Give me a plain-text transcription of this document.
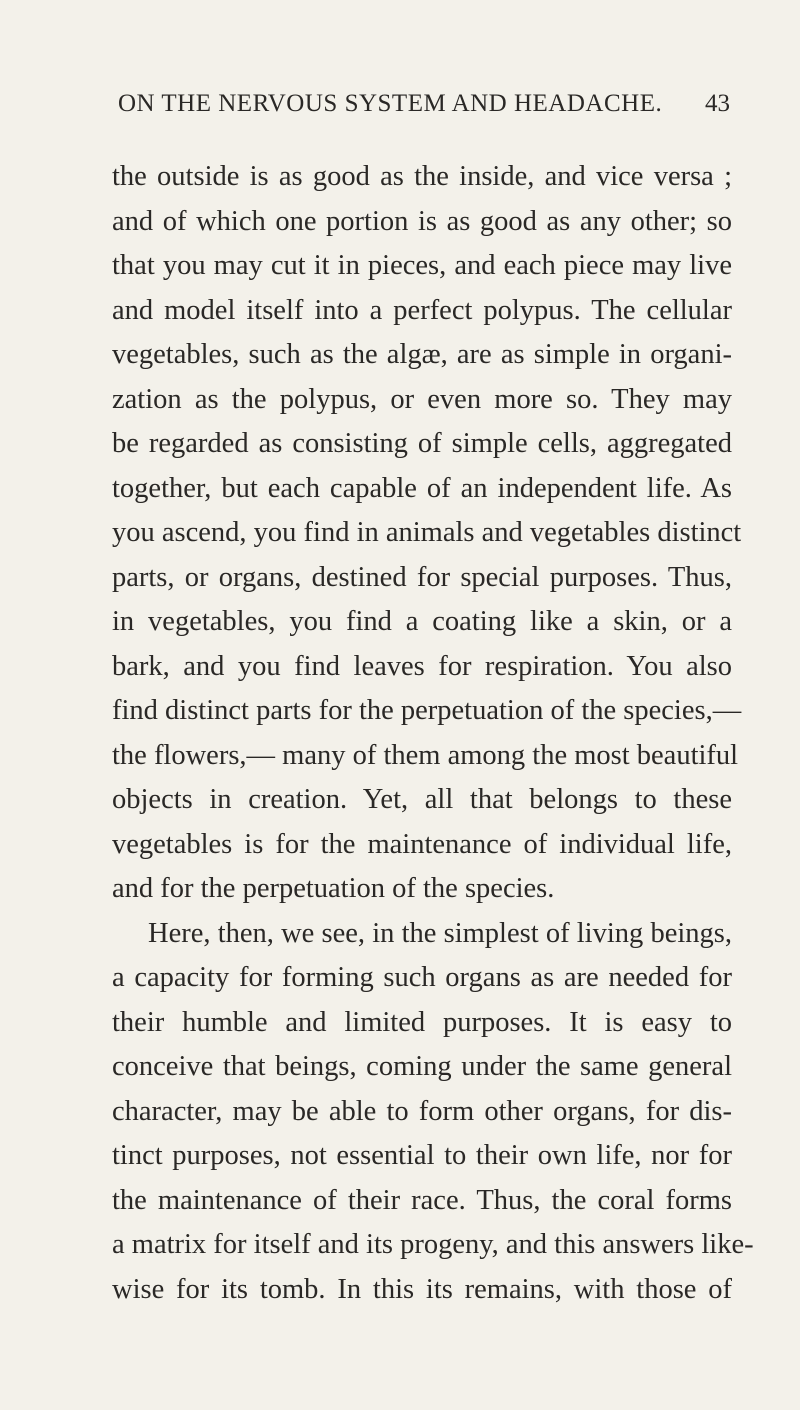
ON THE NERVOUS SYSTEM AND HEADACHE. 43
the outside is as good as the inside, and vice versa ;
and of which one portion is as good as any other; so
that you may cut it in pieces, and each piece may live
and model itself into a perfect polypus. The cellular
vegetables, such as the algæ, are as simple in organi-
zation as the polypus, or even more so. They may
be regarded as consisting of simple cells, aggregated
together, but each capable of an independent life. As
you ascend, you find in animals and vegetables distinct
parts, or organs, destined for special purposes. Thus,
in vegetables, you find a coating like a skin, or a
bark, and you find leaves for respiration. You also
find distinct parts for the perpetuation of the species,—
the flowers,— many of them among the most beautiful
objects in creation. Yet, all that belongs to these
vegetables is for the maintenance of individual life,
and for the perpetuation of the species.
Here, then, we see, in the simplest of living beings,
a capacity for forming such organs as are needed for
their humble and limited purposes. It is easy to
conceive that beings, coming under the same general
character, may be able to form other organs, for dis-
tinct purposes, not essential to their own life, nor for
the maintenance of their race. Thus, the coral forms
a matrix for itself and its progeny, and this answers like-
wise for its tomb. In this its remains, with those of
